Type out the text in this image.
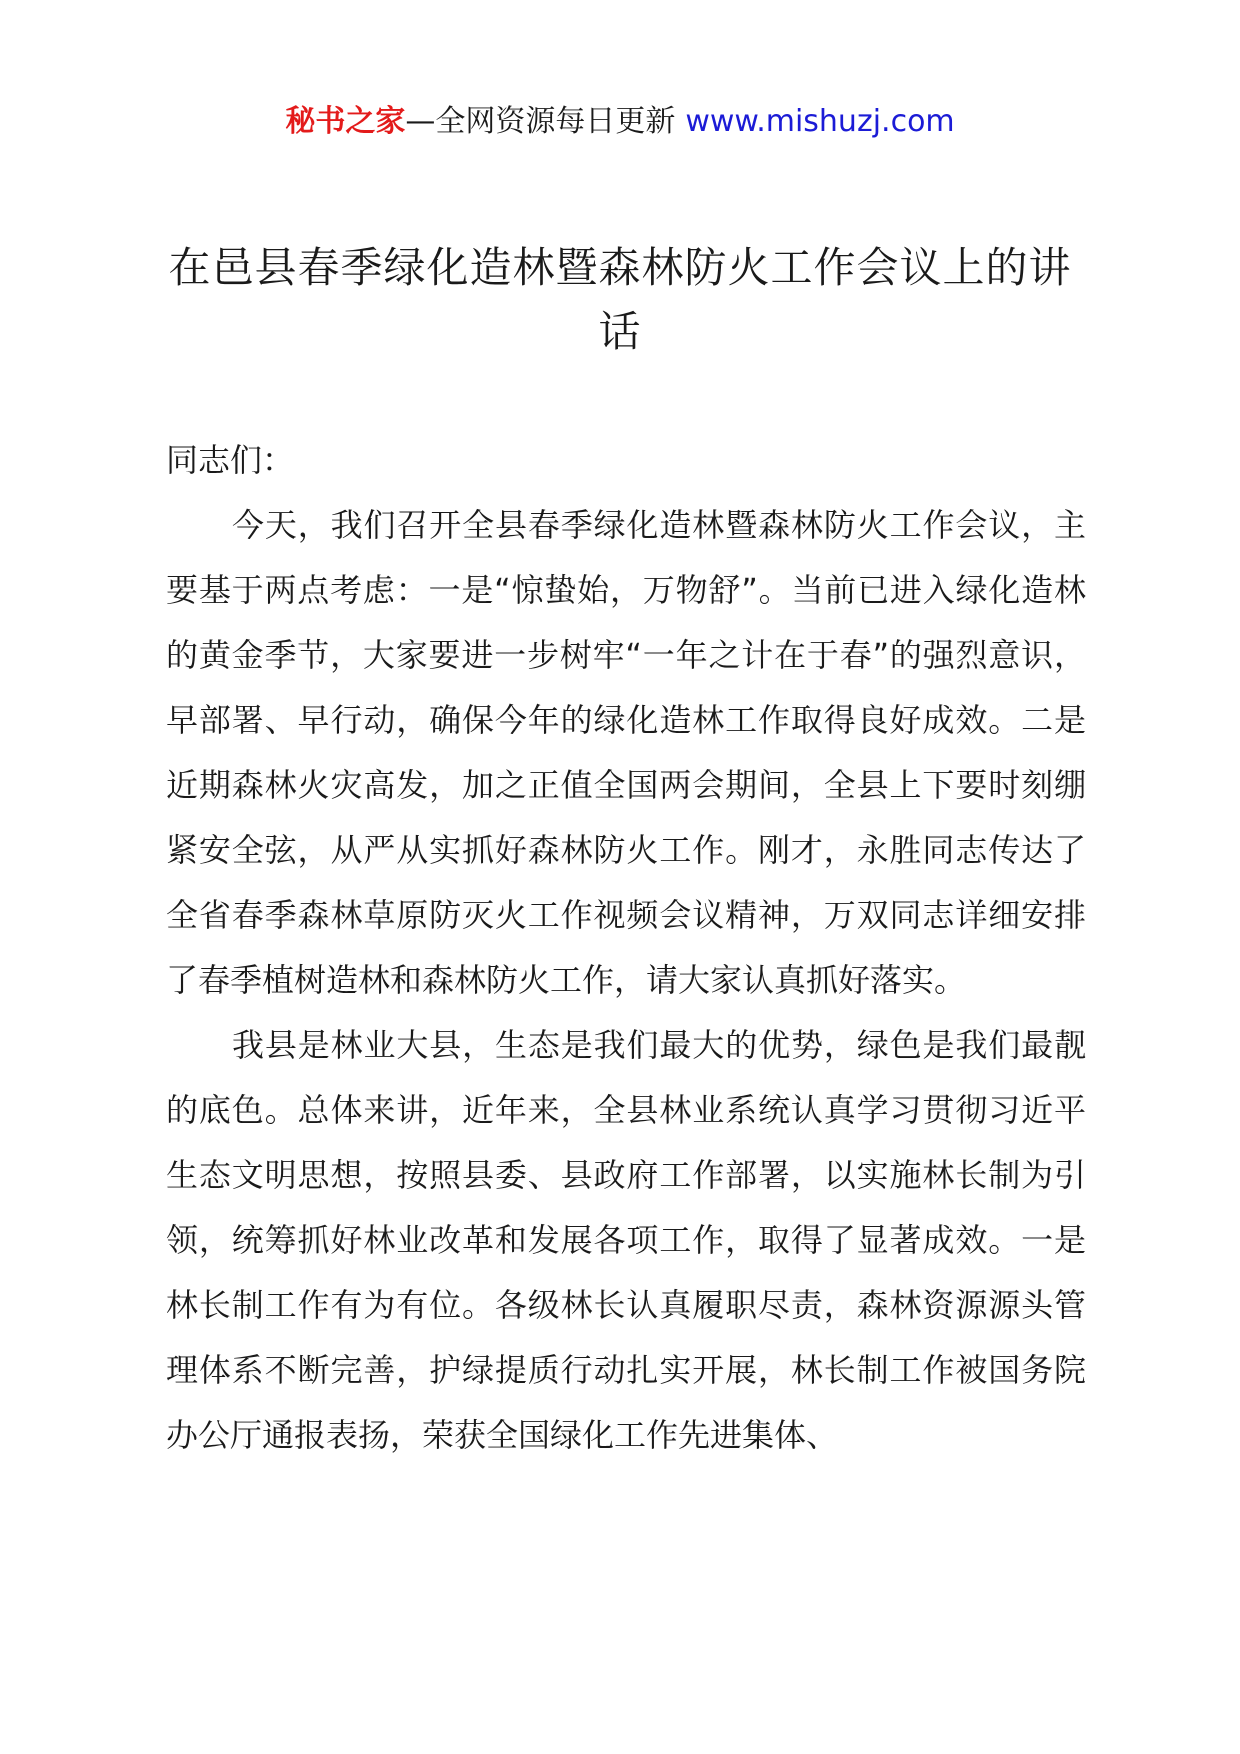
秘书之家—全网资源每日更新 www.mishuzj.com
在邑县春季绿化造林暨森林防火工作会议上的讲话

同志们：

今天，我们召开全县春季绿化造林暨森林防火工作会议，主要基于两点考虑：一是“惊蛰始，万物舒”。当前已进入绿化造林的黄金季节，大家要进一步树牢“一年之计在于春”的强烈意识，早部署、早行动，确保今年的绿化造林工作取得良好成效。二是近期森林火灾高发，加之正值全国两会期间，全县上下要时刻绷紧安全弦，从严从实抓好森林防火工作。刚才，永胜同志传达了全省春季森林草原防灭火工作视频会议精神，万双同志详细安排了春季植树造林和森林防火工作，请大家认真抓好落实。

我县是林业大县，生态是我们最大的优势，绿色是我们最靓的底色。总体来讲，近年来，全县林业系统认真学习贯彻习近平生态文明思想，按照县委、县政府工作部署，以实施林长制为引领，统筹抓好林业改革和发展各项工作，取得了显著成效。一是林长制工作有为有位。各级林长认真履职尽责，森林资源源头管理体系不断完善，护绿提质行动扎实开展，林长制工作被国务院办公厅通报表扬，荣获全国绿化工作先进集体、
